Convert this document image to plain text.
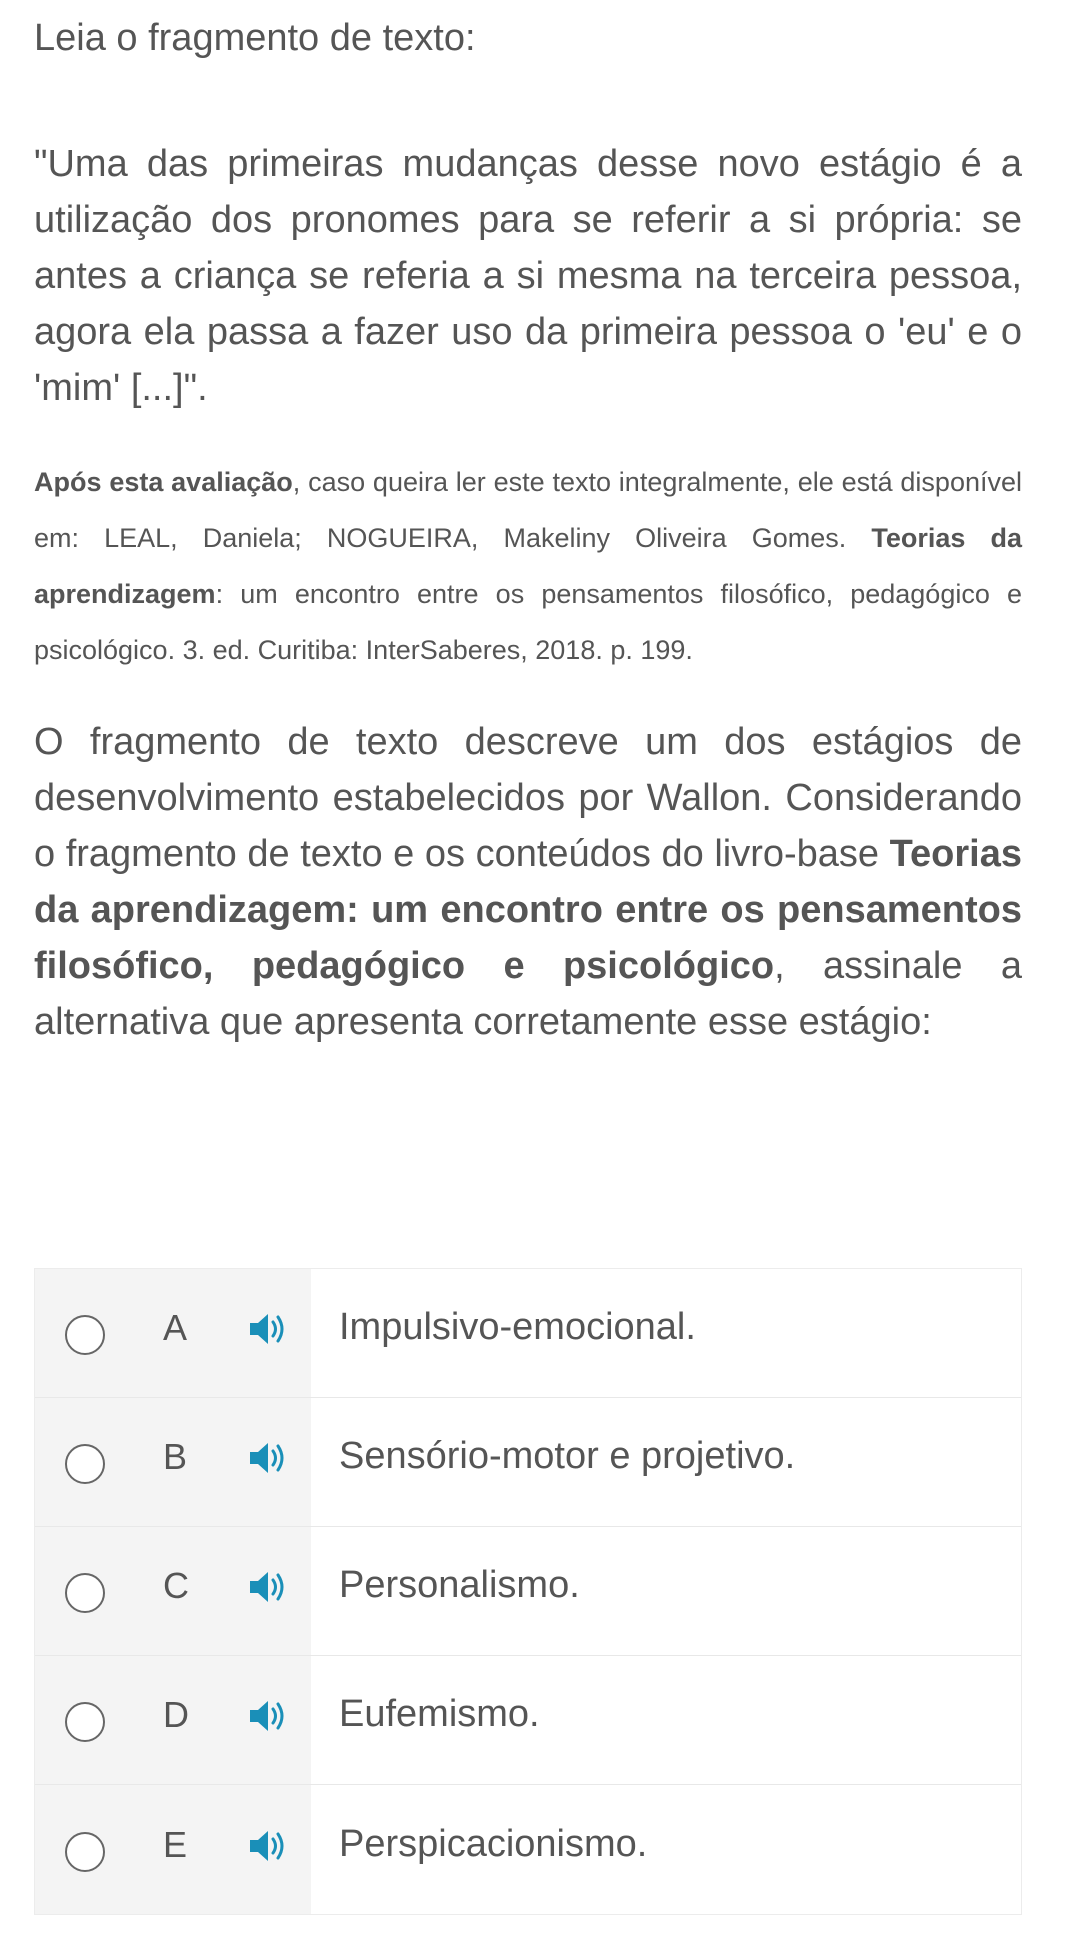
Leia o fragmento de texto:

"Uma das primeiras mudanças desse novo estágio é a utilização dos pronomes para se referir a si própria: se antes a criança se referia a si mesma na terceira pessoa, agora ela passa a fazer uso da primeira pessoa o 'eu' e o 'mim' [...]".

Após esta avaliação, caso queira ler este texto integralmente, ele está disponível em: LEAL, Daniela; NOGUEIRA, Makeliny Oliveira Gomes. Teorias da aprendizagem: um encontro entre os pensamentos filosófico, pedagógico e psicológico. 3. ed. Curitiba: InterSaberes, 2018. p. 199.

O fragmento de texto descreve um dos estágios de desenvolvimento estabelecidos por Wallon. Considerando o fragmento de texto e os conteúdos do livro-base Teorias da aprendizagem: um encontro entre os pensamentos filosófico, pedagógico e psicológico, assinale a alternativa que apresenta corretamente esse estágio:

A	Impulsivo-emocional.
B	Sensório-motor e projetivo.
C	Personalismo.
D	Eufemismo.
E	Perspicacionismo.
